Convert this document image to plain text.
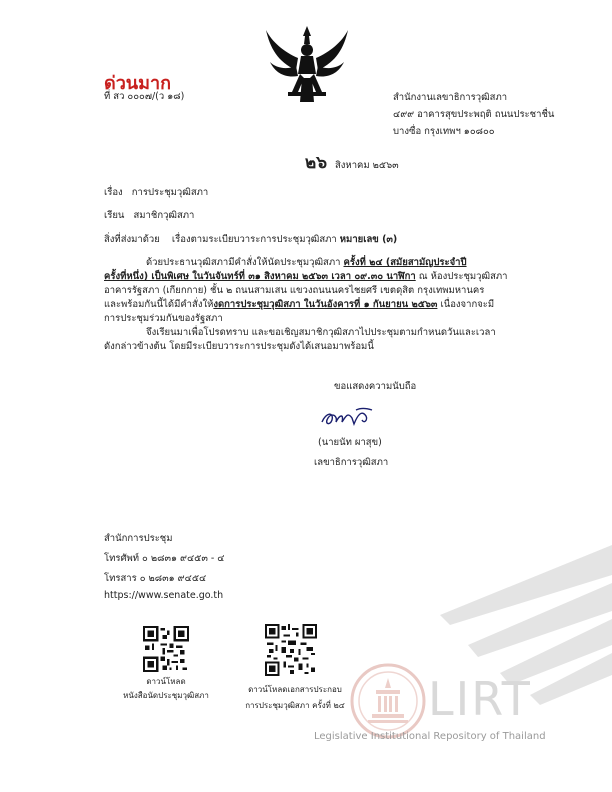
ด่วนมาก
ที่ สว ๐๐๐๗/(ว ๑๘)	สำนักงานเลขาธิการวุฒิสภา
๔๙๙ อาคารสุขประพฤติ ถนนประชาชื่น
บางซื่อ กรุงเทพฯ ๑๐๘๐๐
๒๖ สิงหาคม ๒๕๖๓
เรื่อง การประชุมวุฒิสภา
เรียน สมาชิกวุฒิสภา
สิ่งที่ส่งมาด้วย เรื่องตามระเบียบวาระการประชุมวุฒิสภา หมายเลข (๓)
ด้วยประธานวุฒิสภามีคำสั่งให้นัดประชุมวุฒิสภา ครั้งที่ ๒๔ (สมัยสามัญประจำปี
ครั้งที่หนึ่ง) เป็นพิเศษ ในวันจันทร์ที่ ๓๑ สิงหาคม ๒๕๖๓ เวลา ๐๙.๓๐ นาฬิกา ณ ห้องประชุมวุฒิสภา
อาคารรัฐสภา (เกียกกาย) ชั้น ๒ ถนนสามเสน แขวงถนนนครไชยศรี เขตดุสิต กรุงเทพมหานคร
และพร้อมกันนี้ได้มีคำสั่งให้งดการประชุมวุฒิสภา ในวันอังคารที่ ๑ กันยายน ๒๕๖๓ เนื่องจากจะมี
การประชุมร่วมกันของรัฐสภา
จึงเรียนมาเพื่อโปรดทราบ และขอเชิญสมาชิกวุฒิสภาไปประชุมตามกำหนดวันและเวลา
ดังกล่าวข้างต้น โดยมีระเบียบวาระการประชุมดังได้เสนอมาพร้อมนี้
ขอแสดงความนับถือ
(นายนัท ผาสุข)
เลขาธิการวุฒิสภา
สำนักการประชุม
โทรศัพท์ ๐ ๒๘๓๑ ๙๔๕๓ - ๔
โทรสาร ๐ ๒๘๓๑ ๙๔๕๔
https://www.senate.go.th
ดาวน์โหลด
หนังสือนัดประชุมวุฒิสภา
ดาวน์โหลดเอกสารประกอบ
การประชุมวุฒิสภา ครั้งที่ ๒๔	LIRT
Legislative Institutional Repository of Thailand
